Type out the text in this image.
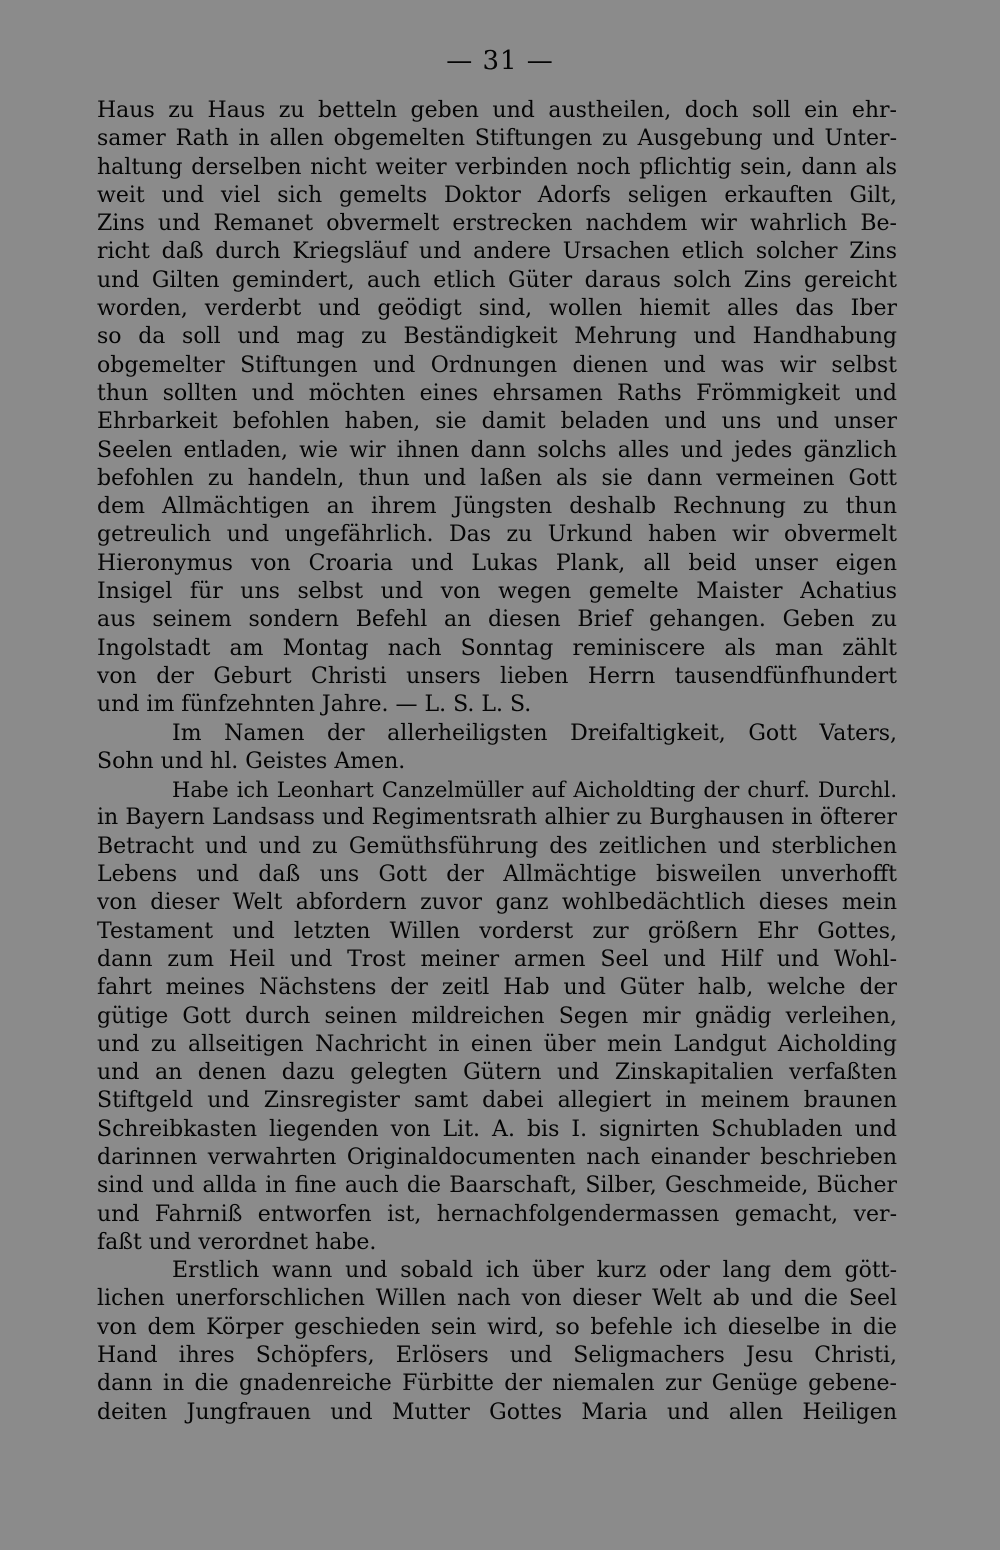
— 31 —
Haus zu Haus zu betteln geben und austheilen, doch soll ein ehr-
samer Rath in allen obgemelten Stiftungen zu Ausgebung und Unter-
haltung derselben nicht weiter verbinden noch pflichtig sein, dann als
weit und viel sich gemelts Doktor Adorfs seligen erkauften Gilt,
Zins und Remanet obvermelt erstrecken nachdem wir wahrlich Be-
richt daß durch Kriegsläuf und andere Ursachen etlich solcher Zins
und Gilten gemindert, auch etlich Güter daraus solch Zins gereicht
worden, verderbt und geödigt sind, wollen hiemit alles das Iber
so da soll und mag zu Beständigkeit Mehrung und Handhabung
obgemelter Stiftungen und Ordnungen dienen und was wir selbst
thun sollten und möchten eines ehrsamen Raths Frömmigkeit und
Ehrbarkeit befohlen haben, sie damit beladen und uns und unser
Seelen entladen, wie wir ihnen dann solchs alles und jedes gänzlich
befohlen zu handeln, thun und laßen als sie dann vermeinen Gott
dem Allmächtigen an ihrem Jüngsten deshalb Rechnung zu thun
getreulich und ungefährlich. Das zu Urkund haben wir obvermelt
Hieronymus von Croaria und Lukas Plank, all beid unser eigen
Insigel für uns selbst und von wegen gemelte Maister Achatius
aus seinem sondern Befehl an diesen Brief gehangen. Geben zu
Ingolstadt am Montag nach Sonntag reminiscere als man zählt
von der Geburt Christi unsers lieben Herrn tausendfünfhundert
und im fünfzehnten Jahre. — L. S. L. S.
Im Namen der allerheiligsten Dreifaltigkeit, Gott Vaters,
Sohn und hl. Geistes Amen.
Habe ich Leonhart Canzelmüller auf Aicholdting der churf. Durchl.
in Bayern Landsass und Regimentsrath alhier zu Burghausen in öfterer
Betracht und und zu Gemüthsführung des zeitlichen und sterblichen
Lebens und daß uns Gott der Allmächtige bisweilen unverhofft
von dieser Welt abfordern zuvor ganz wohlbedächtlich dieses mein
Testament und letzten Willen vorderst zur größern Ehr Gottes,
dann zum Heil und Trost meiner armen Seel und Hilf und Wohl-
fahrt meines Nächstens der zeitl Hab und Güter halb, welche der
gütige Gott durch seinen mildreichen Segen mir gnädig verleihen,
und zu allseitigen Nachricht in einen über mein Landgut Aicholding
und an denen dazu gelegten Gütern und Zinskapitalien verfaßten
Stiftgeld und Zinsregister samt dabei allegiert in meinem braunen
Schreibkasten liegenden von Lit. A. bis I. signirten Schubladen und
darinnen verwahrten Originaldocumenten nach einander beschrieben
sind und allda in fine auch die Baarschaft, Silber, Geschmeide, Bücher
und Fahrniß entworfen ist, hernachfolgendermassen gemacht, ver-
faßt und verordnet habe.
Erstlich wann und sobald ich über kurz oder lang dem gött-
lichen unerforschlichen Willen nach von dieser Welt ab und die Seel
von dem Körper geschieden sein wird, so befehle ich dieselbe in die
Hand ihres Schöpfers, Erlösers und Seligmachers Jesu Christi,
dann in die gnadenreiche Fürbitte der niemalen zur Genüge gebene-
deiten Jungfrauen und Mutter Gottes Maria und allen Heiligen
